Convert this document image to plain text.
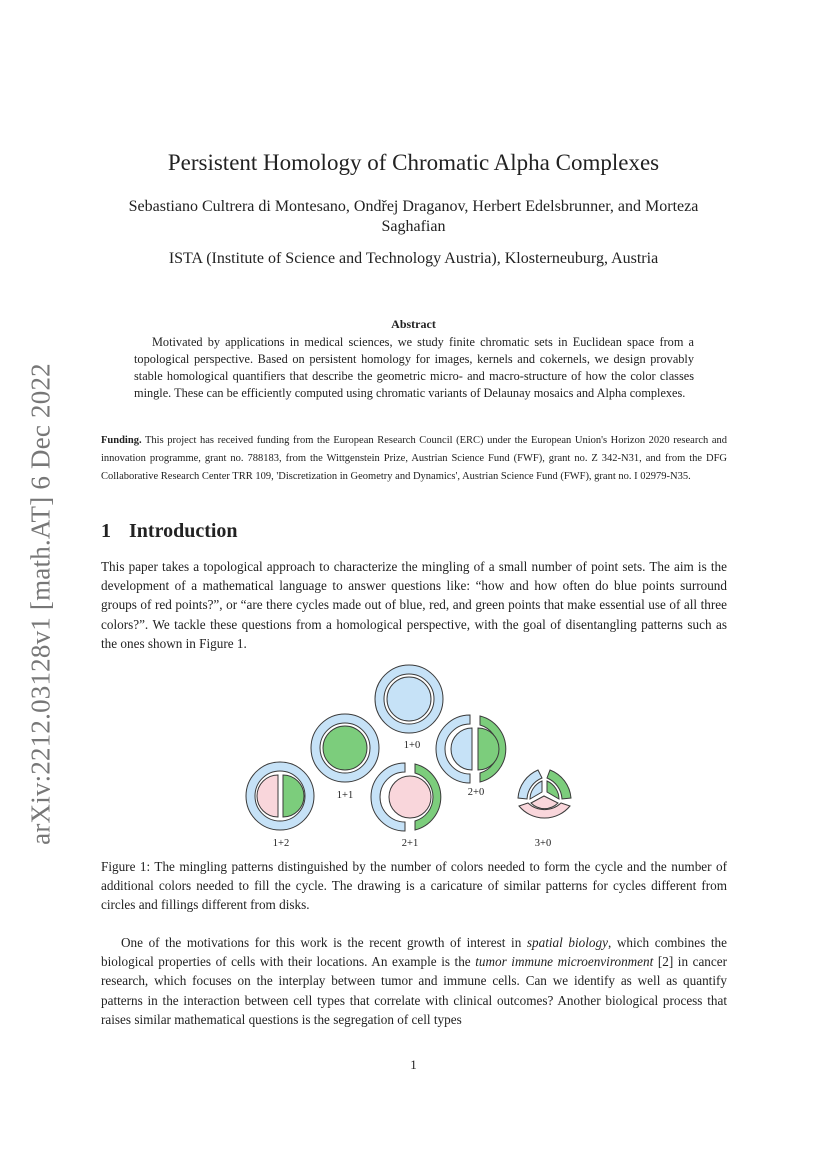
arXiv:2212.03128v1 [math.AT] 6 Dec 2022
Persistent Homology of Chromatic Alpha Complexes
Sebastiano Cultrera di Montesano, Ondřej Draganov, Herbert Edelsbrunner, and Morteza Saghafian
ISTA (Institute of Science and Technology Austria), Klosterneuburg, Austria
Abstract
Motivated by applications in medical sciences, we study finite chromatic sets in Euclidean space from a topological perspective. Based on persistent homology for images, kernels and cokernels, we design provably stable homological quantifiers that describe the geometric micro- and macro-structure of how the color classes mingle. These can be efficiently computed using chromatic variants of Delaunay mosaics and Alpha complexes.
Funding. This project has received funding from the European Research Council (ERC) under the European Union's Horizon 2020 research and innovation programme, grant no. 788183, from the Wittgenstein Prize, Austrian Science Fund (FWF), grant no. Z 342-N31, and from the DFG Collaborative Research Center TRR 109, 'Discretization in Geometry and Dynamics', Austrian Science Fund (FWF), grant no. I 02979-N35.
1 Introduction
This paper takes a topological approach to characterize the mingling of a small number of point sets. The aim is the development of a mathematical language to answer questions like: “how and how often do blue points surround groups of red points?”, or “are there cycles made out of blue, red, and green points that make essential use of all three colors?”. We tackle these questions from a homological perspective, with the goal of disentangling patterns such as the ones shown in Figure 1.
1+0
1+1	2+0
1+2	2+1	3+0
Figure 1: The mingling patterns distinguished by the number of colors needed to form the cycle and the number of additional colors needed to fill the cycle. The drawing is a caricature of similar patterns for cycles different from circles and fillings different from disks.
One of the motivations for this work is the recent growth of interest in spatial biology, which combines the biological properties of cells with their locations. An example is the tumor immune microenvironment [2] in cancer research, which focuses on the interplay between tumor and immune cells. Can we identify as well as quantify patterns in the interaction between cell types that correlate with clinical outcomes? Another biological process that raises similar mathematical questions is the segregation of cell types
1
